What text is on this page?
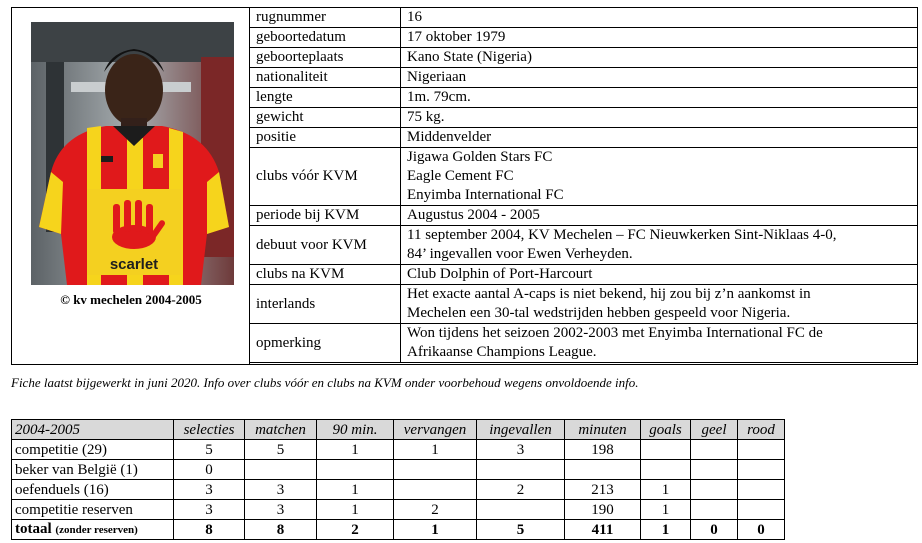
scarlet
© kv mechelen 2004-2005
rugnummer	16

geboortedatum	17 oktober 1979

geboorteplaats	Kano State (Nigeria)

nationaliteit	Nigeriaan

lengte	1m. 79cm.

gewicht	75 kg.

positie	Middenvelder

clubs vóór KVM	Jigawa Golden Stars FC
Eagle Cement FC
Enyimba International FC

periode bij KVM	Augustus 2004 - 2005

debuut voor KVM	11 september 2004, KV Mechelen – FC Nieuwkerken Sint-Niklaas 4-0,
84’ ingevallen voor Ewen Verheyden.

clubs na KVM	Club Dolphin of Port-Harcourt

interlands	Het exacte aantal A-caps is niet bekend, hij zou bij z’n aankomst in
Mechelen een 30-tal wedstrijden hebben gespeeld voor Nigeria.

opmerking	Won tijdens het seizoen 2002-2003 met Enyimba International FC de
Afrikaanse Champions League.
Fiche laatst bijgewerkt in juni 2020. Info over clubs vóór en clubs na KVM onder voorbehoud wegens onvoldoende info.
2004-2005	selecties	matchen	90 min.	vervangen	ingevallen	minuten	goals	geel	rood
competitie (29)	5	5	1	1	3	198			
beker van België (1)	0								
oefenduels (16)	3	3	1		2	213	1		
competitie reserven	3	3	1	2		190	1		
totaal (zonder reserven)	8	8	2	1	5	411	1	0	0
